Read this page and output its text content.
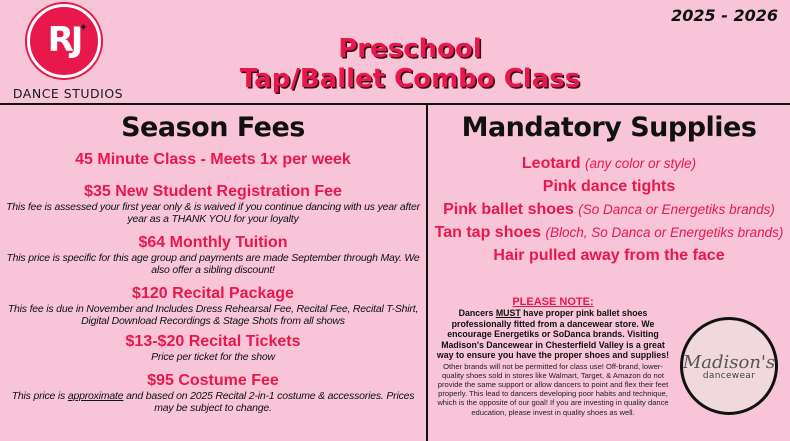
RJ
✦
DANCE STUDIOS
2025 - 2026
Preschool
Tap/Ballet Combo Class
Season Fees
45 Minute Class - Meets 1x per week
$35 New Student Registration Fee
This fee is assessed your first year only & is waived if you continue dancing with us year after year as a THANK YOU for your loyalty
$64 Monthly Tuition
This price is specific for this age group and payments are made September through May. We also offer a sibling discount!
$120 Recital Package
This fee is due in November and Includes Dress Rehearsal Fee, Recital Fee, Recital T-Shirt, Digital Download Recordings & Stage Shots from all shows
$13-$20 Recital Tickets
Price per ticket for the show
$95 Costume Fee
This price is approximate and based on 2025 Recital 2-in-1 costume & accessories. Prices may be subject to change.
Mandatory Supplies
Leotard (any color or style)
Pink dance tights
Pink ballet shoes (So Danca or Energetiks brands)
Tan tap shoes (Bloch, So Danca or Energetiks brands)
Hair pulled away from the face
PLEASE NOTE:
Dancers MUST have proper pink ballet shoes professionally fitted from a dancewear store. We encourage Energetiks or SoDanca brands. Visiting Madison's Dancewear in Chesterfield Valley is a great way to ensure you have the proper shoes and supplies!
Other brands will not be permitted for class use! Off-brand, lower-quality shoes sold in stores like Walmart, Target, & Amazon do not provide the same support or allow dancers to point and flex their feet properly. This lead to dancers developing poor habits and technique, which is the opposite of our goal! If you are investing in quality dance education, please invest in quality shoes as well.
Madison's
dancewear
